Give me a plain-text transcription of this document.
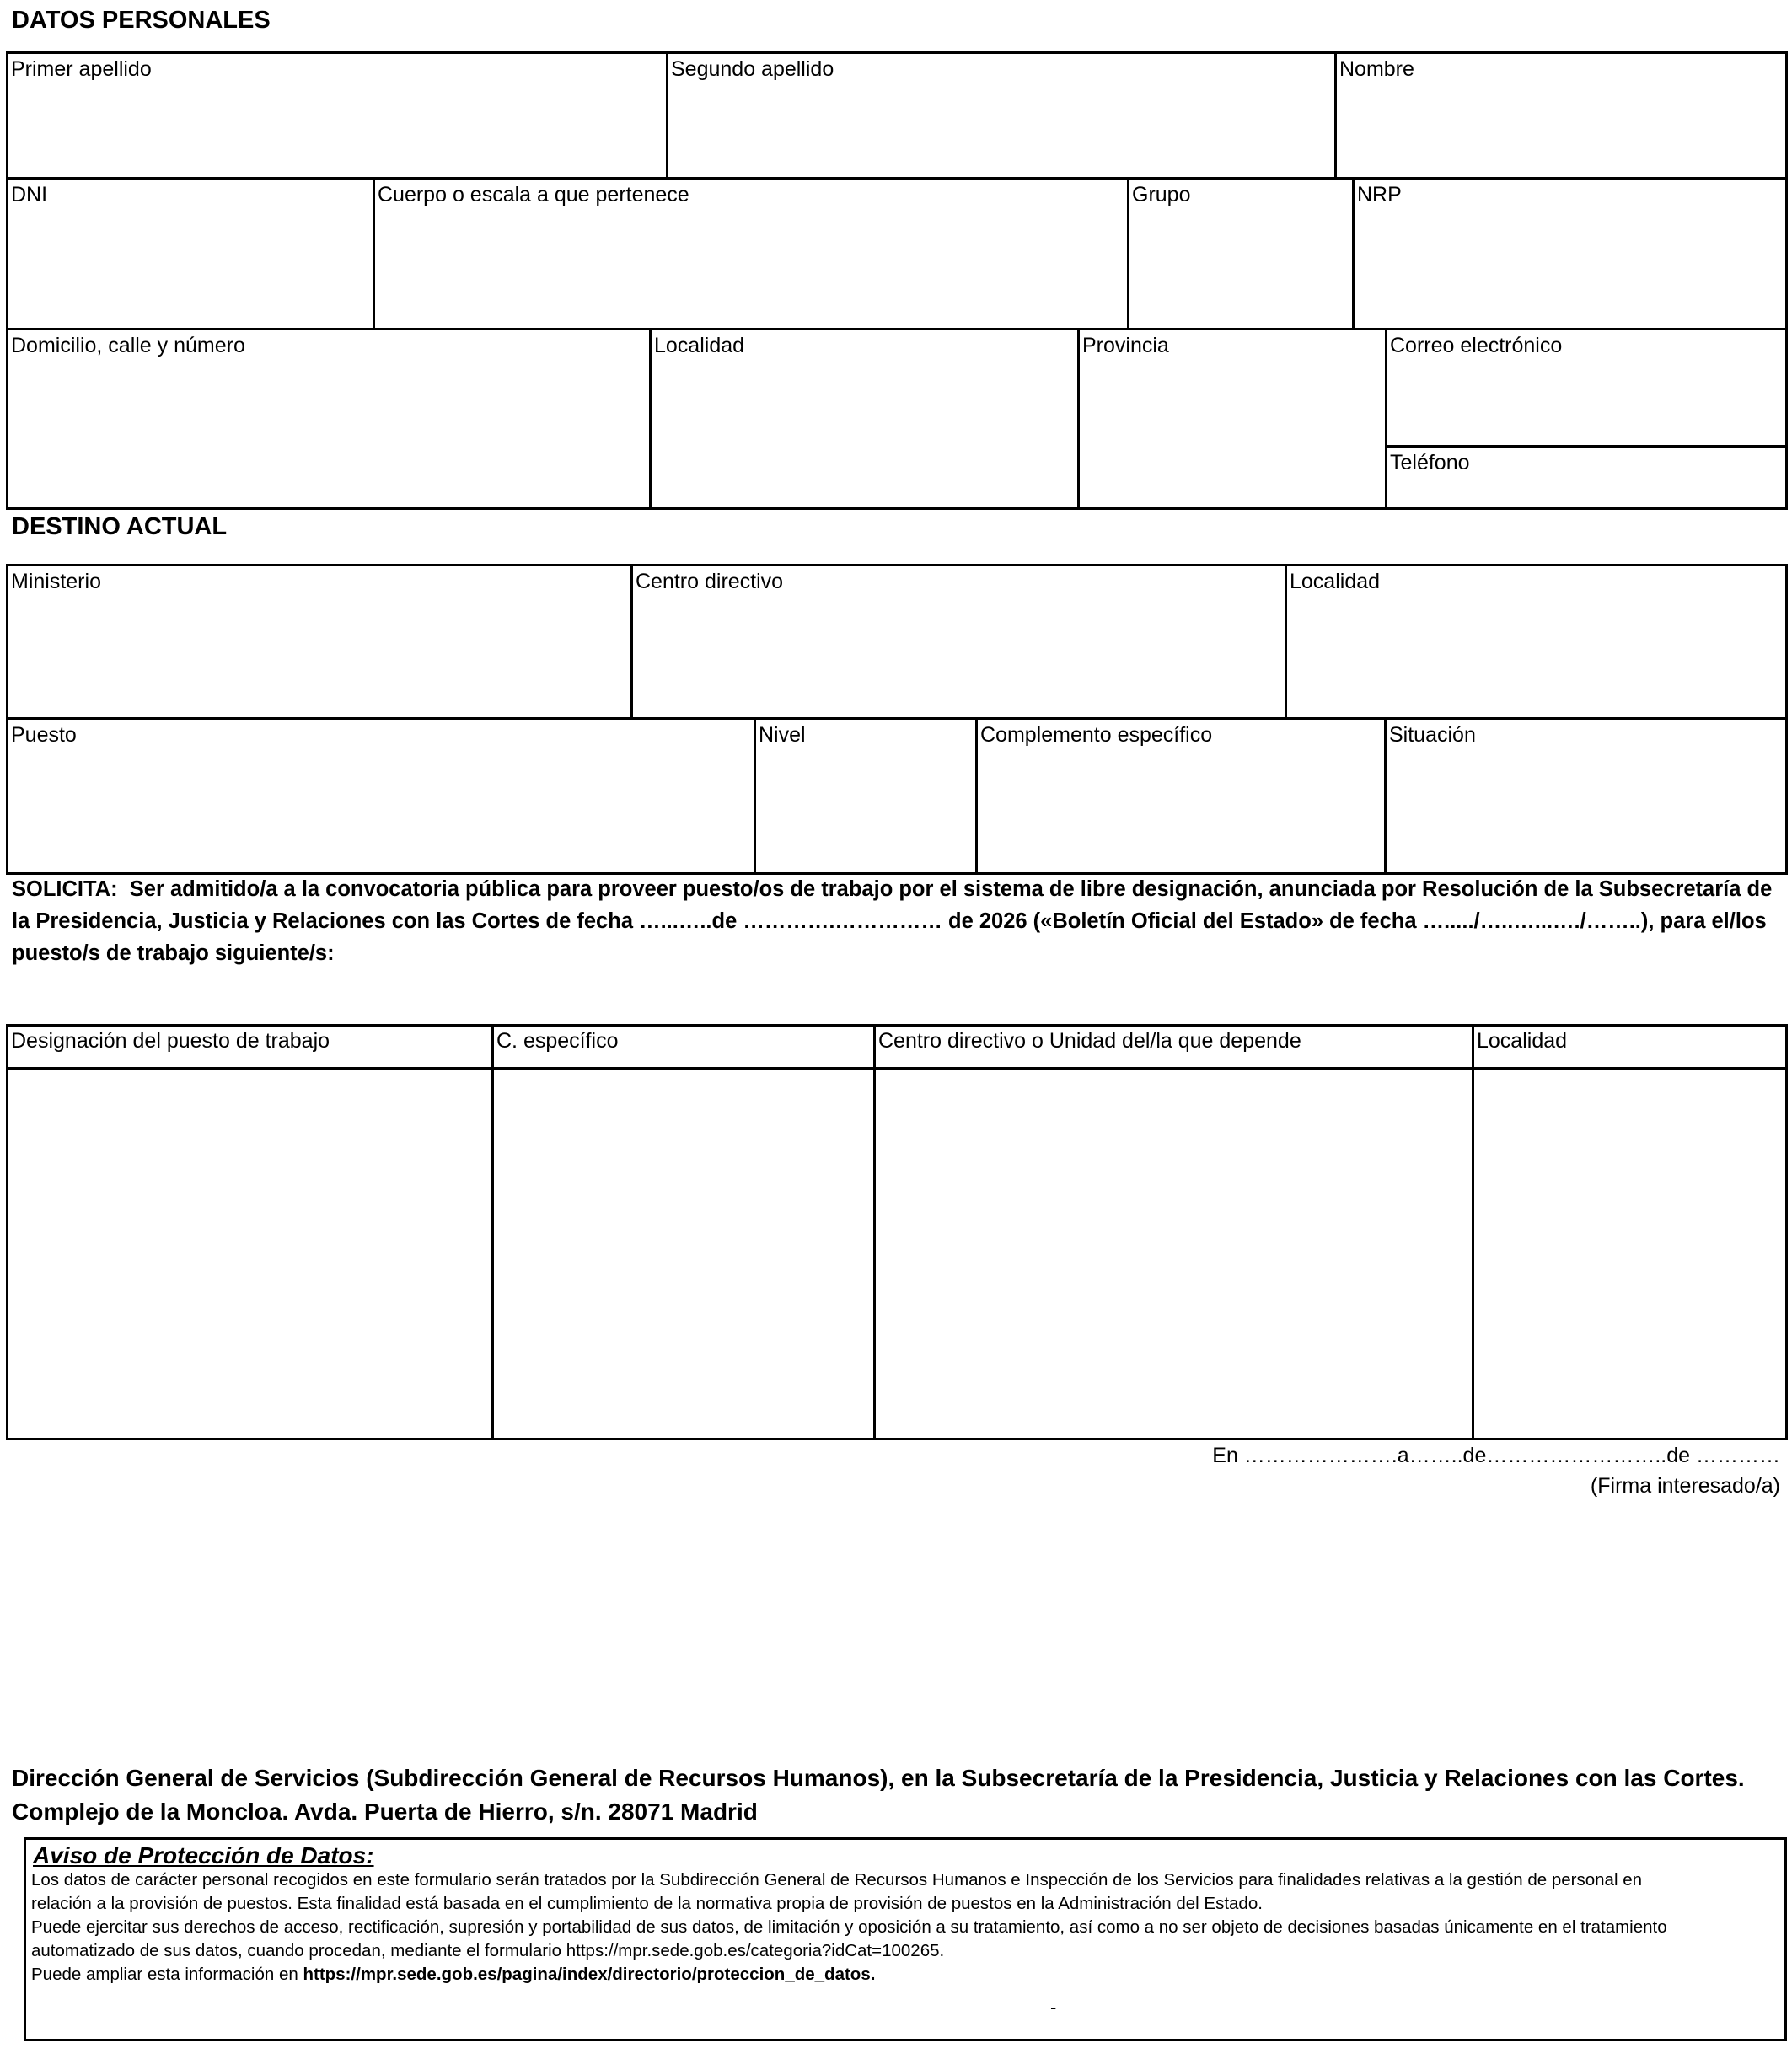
DATOS PERSONALES
Primer apellido	Segundo apellido	Nombre
DNI	Cuerpo o escala a que pertenece	Grupo	NRP
Domicilio, calle y número	Localidad	Provincia	Correo electrónico
Teléfono
DESTINO ACTUAL
Ministerio	Centro directivo	Localidad
Puesto	Nivel	Complemento específico	Situación
SOLICITA:  Ser admitido/a a la convocatoria pública para proveer puesto/os de trabajo por el sistema de libre designación, anunciada por Resolución de la Subsecretaría de la Presidencia, Justicia y Relaciones con las Cortes de fecha …...…..de ………….…………… de 2026 («Boletín Oficial del Estado» de fecha …...../…..…...…./……..), para el/los puesto/s de trabajo siguiente/s:
Designación del puesto de trabajo	C. específico	Centro directivo o Unidad del/la que depende	Localidad
En ………………….a……..de……………………..de …………
(Firma interesado/a)
Dirección General de Servicios (Subdirección General de Recursos Humanos), en la Subsecretaría de la Presidencia, Justicia y Relaciones con las Cortes.
Complejo de la Moncloa. Avda. Puerta de Hierro, s/n. 28071 Madrid
Aviso de Protección de Datos:
Los datos de carácter personal recogidos en este formulario serán tratados por la Subdirección General de Recursos Humanos e Inspección de los Servicios para finalidades relativas a la gestión de personal en
relación a la provisión de puestos. Esta finalidad está basada en el cumplimiento de la normativa propia de provisión de puestos en la Administración del Estado.
Puede ejercitar sus derechos de acceso, rectificación, supresión y portabilidad de sus datos, de limitación y oposición a su tratamiento, así como a no ser objeto de decisiones basadas únicamente en el tratamiento
automatizado de sus datos, cuando procedan, mediante el formulario https://mpr.sede.gob.es/categoria?idCat=100265.
Puede ampliar esta información en https://mpr.sede.gob.es/pagina/index/directorio/proteccion_de_datos.
-
